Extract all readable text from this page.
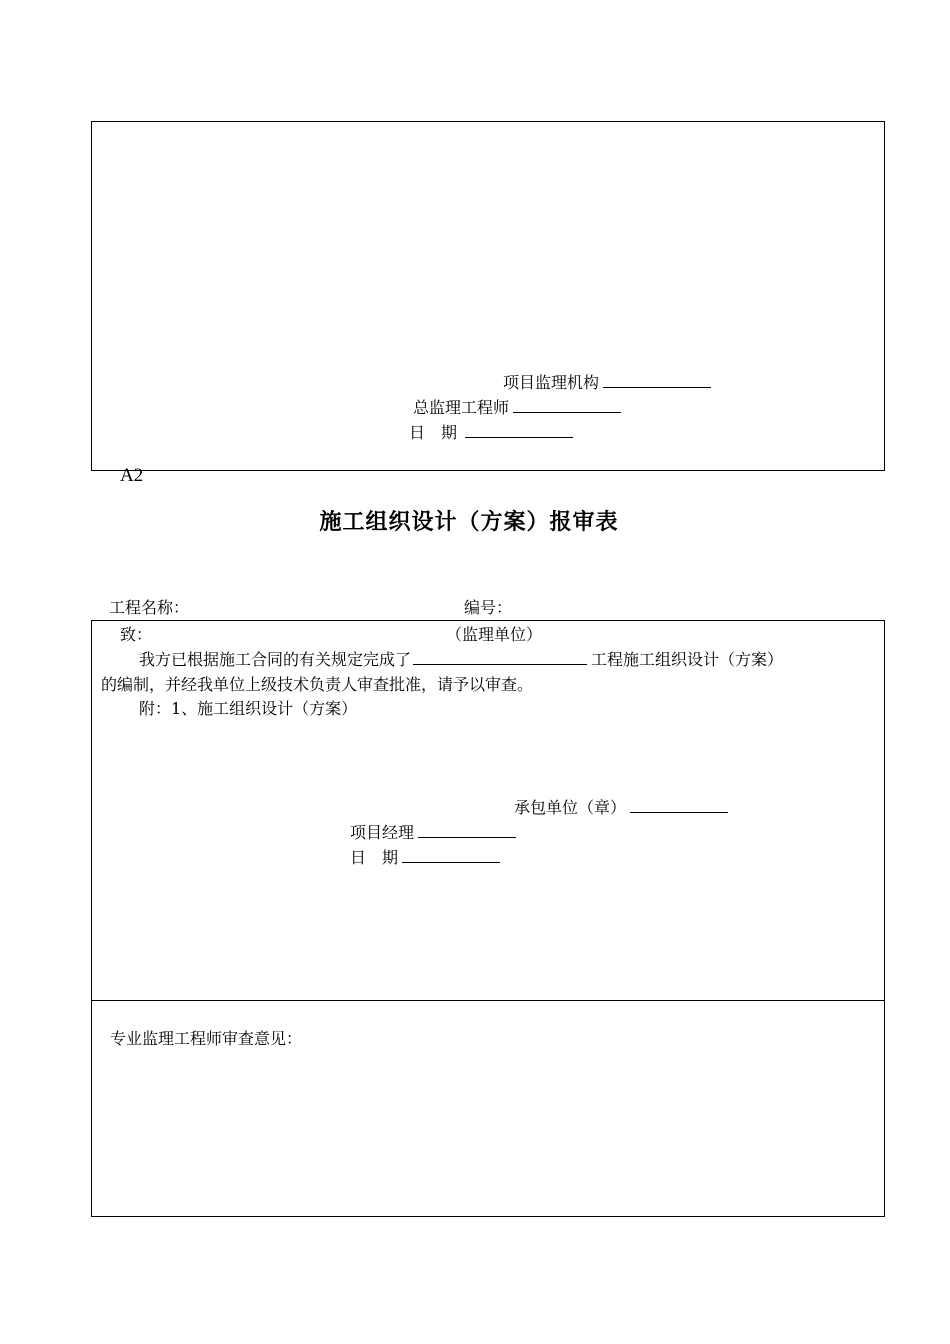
项目监理机构
总监理工程师
日　期
A2
施工组织设计（方案）报审表
工程名称：	编号：
致：	（监理单位）
我方已根据施工合同的有关规定完成了	工程施工组织设计（方案）
的编制，并经我单位上级技术负责人审查批准，请予以审查。
附：1、施工组织设计（方案）
承包单位（章）
项目经理
日　期
专业监理工程师审查意见：
